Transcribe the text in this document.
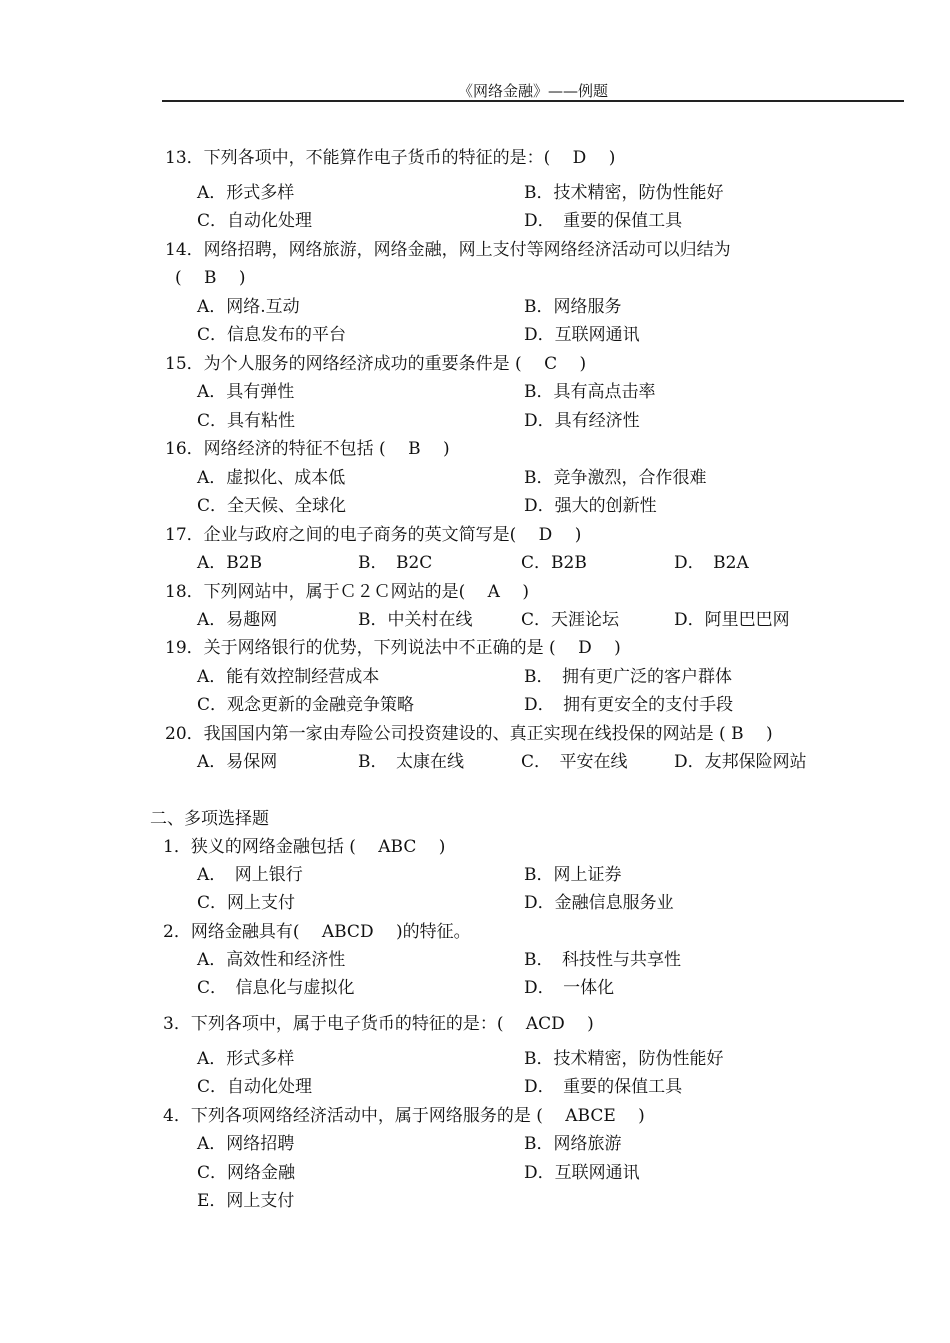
《网络金融》——例题
13．下列各项中，不能算作电子货币的特征的是：(　 D　 )
A．形式多样	B．技术精密，防伪性能好
C．自动化处理	D．　重要的保值工具
14．网络招聘，网络旅游，网络金融，网上支付等网络经济活动可以归结为
(　 B　 )
A．网络.互动	B．网络服务
C．信息发布的平台	D．互联网通讯
15．为个人服务的网络经济成功的重要条件是 (　 C　 )
A．具有弹性	B．具有高点击率
C．具有粘性	D．具有经济性
16．网络经济的特征不包括 (　 B　 )
A．虚拟化、成本低	B．竞争激烈，合作很难
C．全天候、全球化	D．强大的创新性
17．企业与政府之间的电子商务的英文简写是(　 D　 )
A．B2B	B．　B2C	C．B2B	D．　B2A
18．下列网站中，属于Ｃ２Ｃ网站的是(　 A　 )
A．易趣网	B．中关村在线	C．天涯论坛	D．阿里巴巴网
19．关于网络银行的优势，下列说法中不正确的是 (　 D　 )
A．能有效控制经营成本	B．　拥有更广泛的客户群体
C．观念更新的金融竞争策略	D．　拥有更安全的支付手段
20．我国国内第一家由寿险公司投资建设的、真正实现在线投保的网站是 ( B　 )
A．易保网	B．　太康在线	C．　平安在线	D．友邦保险网站
二、多项选择题
1．狭义的网络金融包括 (　 ABC　 )
A．　网上银行	B．网上证券
C．网上支付	D．金融信息服务业
2．网络金融具有(　 ABCD　 )的特征。
A．高效性和经济性	B．　科技性与共享性
C．　信息化与虚拟化	D．　一体化
3．下列各项中，属于电子货币的特征的是：(　 ACD　 )
A．形式多样	B．技术精密，防伪性能好
C．自动化处理	D．　重要的保值工具
4．下列各项网络经济活动中，属于网络服务的是 (　 ABCE　 )
A．网络招聘	B．网络旅游
C．网络金融	D．互联网通讯
E．网上支付
